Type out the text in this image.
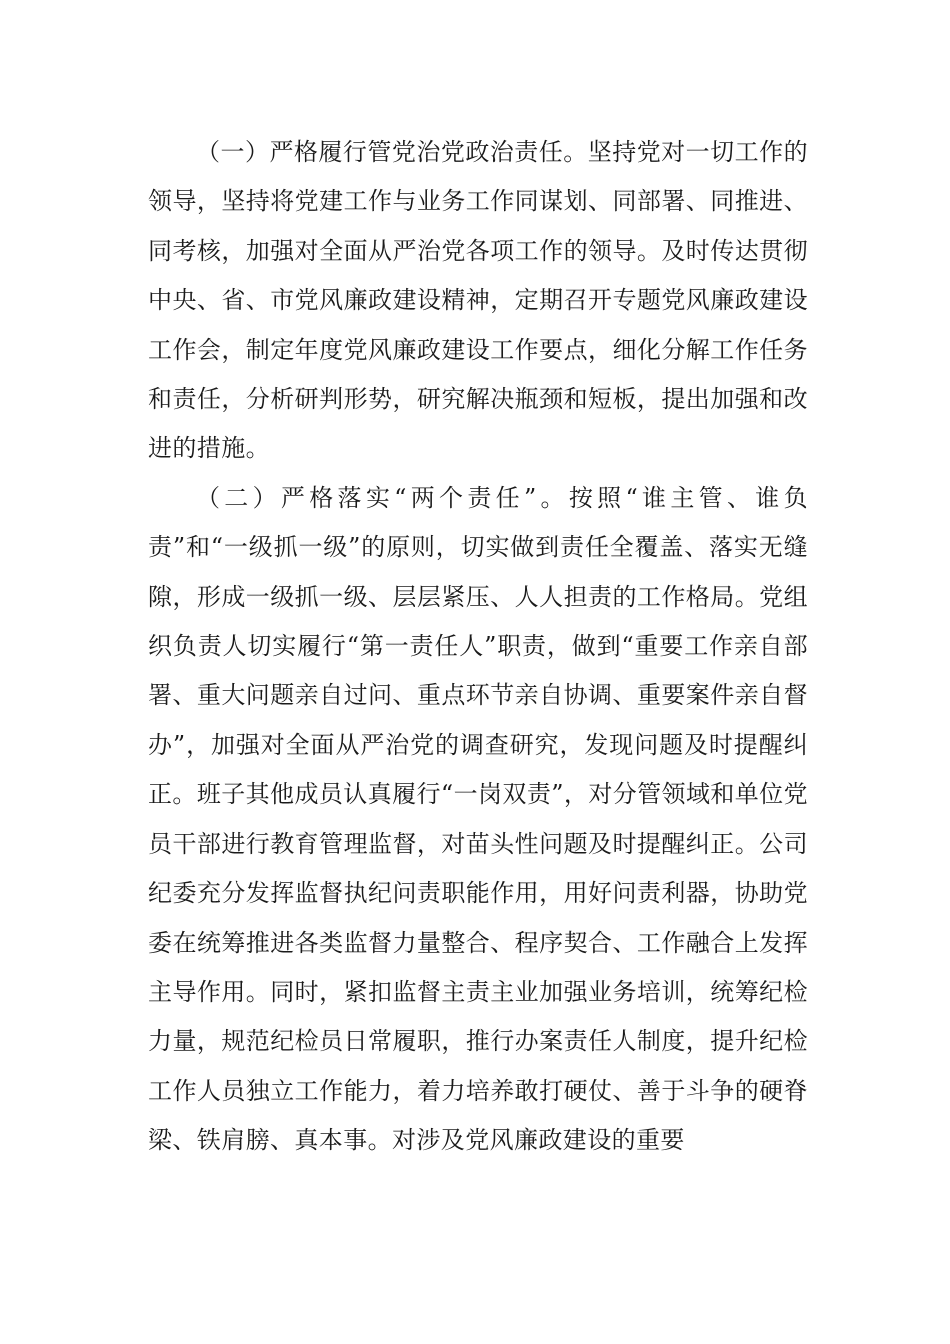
（一）严格履行管党治党政治责任。坚持党对一切工作的领导，坚持将党建工作与业务工作同谋划、同部署、同推进、同考核，加强对全面从严治党各项工作的领导。及时传达贯彻中央、省、市党风廉政建设精神，定期召开专题党风廉政建设工作会，制定年度党风廉政建设工作要点，细化分解工作任务和责任，分析研判形势，研究解决瓶颈和短板，提出加强和改进的措施。

（二）严格落实“两个责任”。按照“谁主管、谁负责”和“一级抓一级”的原则，切实做到责任全覆盖、落实无缝隙，形成一级抓一级、层层紧压、人人担责的工作格局。党组织负责人切实履行“第一责任人”职责，做到“重要工作亲自部署、重大问题亲自过问、重点环节亲自协调、重要案件亲自督办”，加强对全面从严治党的调查研究，发现问题及时提醒纠正。班子其他成员认真履行“一岗双责”，对分管领域和单位党员干部进行教育管理监督，对苗头性问题及时提醒纠正。公司纪委充分发挥监督执纪问责职能作用，用好问责利器，协助党委在统筹推进各类监督力量整合、程序契合、工作融合上发挥主导作用。同时，紧扣监督主责主业加强业务培训，统筹纪检力量，规范纪检员日常履职，推行办案责任人制度，提升纪检工作人员独立工作能力，着力培养敢打硬仗、善于斗争的硬脊梁、铁肩膀、真本事。对涉及党风廉政建设的重要
